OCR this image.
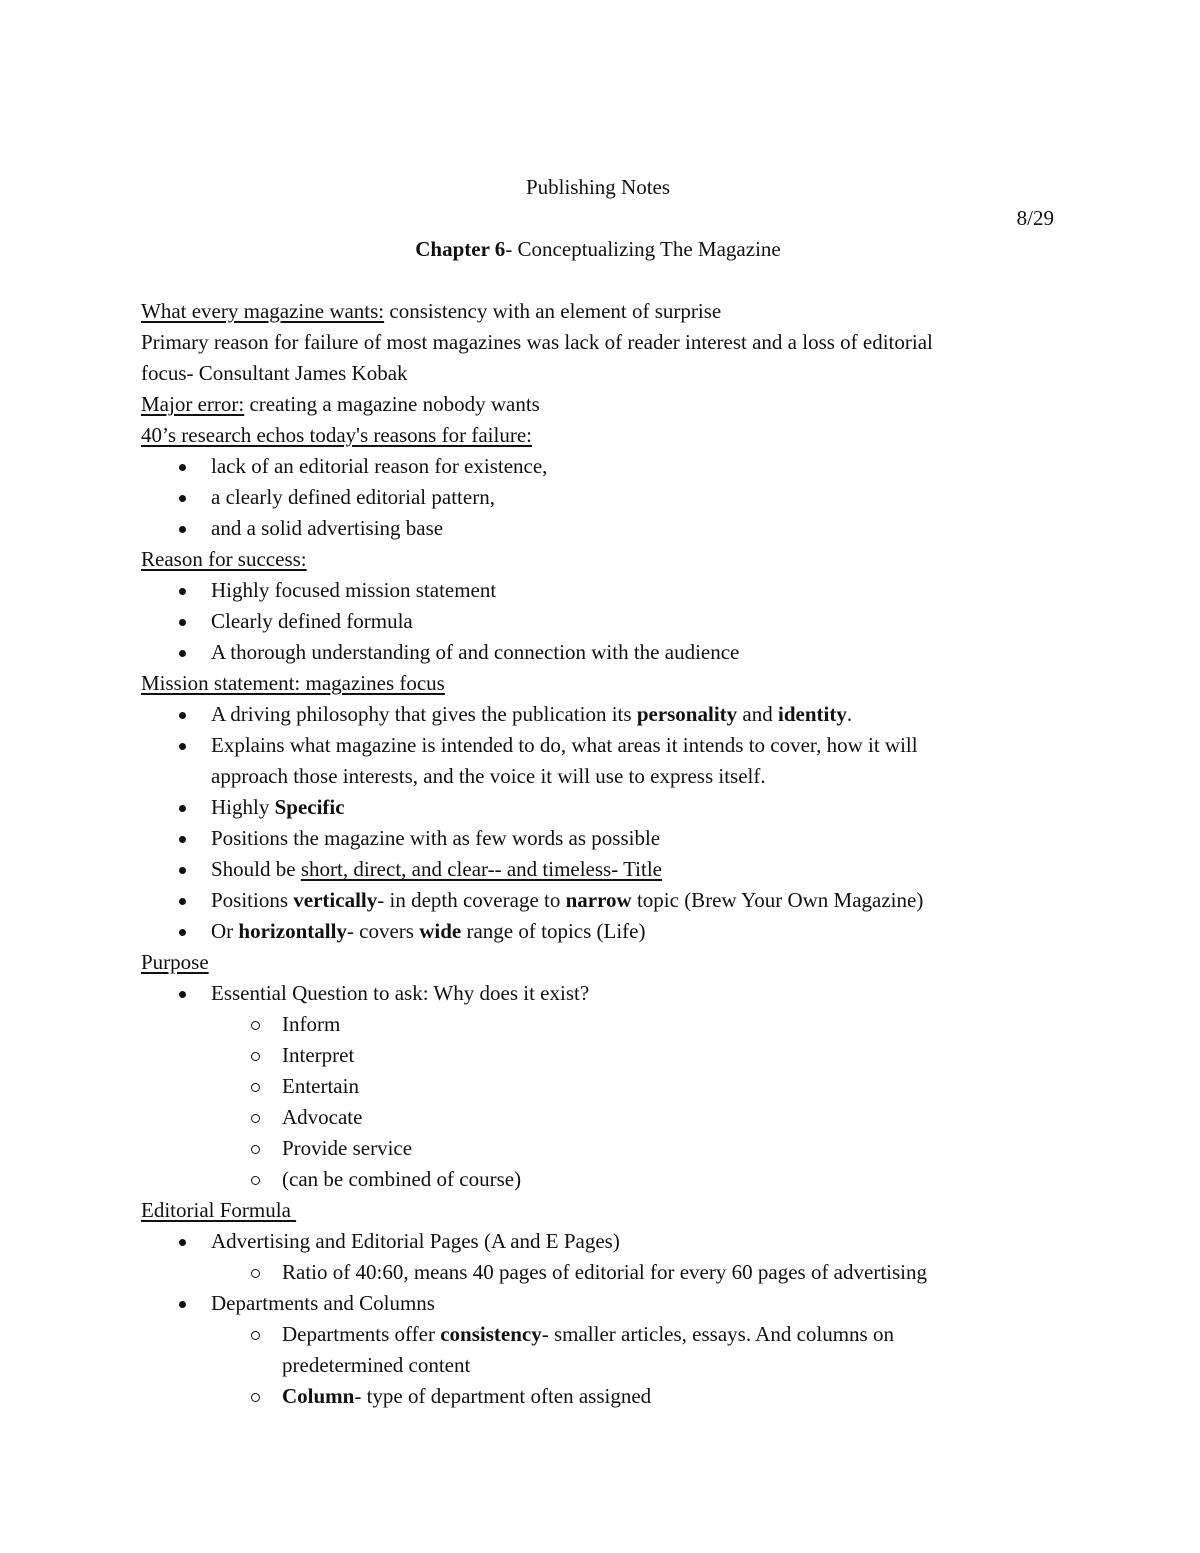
Publishing Notes
8/29
Chapter 6- Conceptualizing The Magazine
What every magazine wants: consistency with an element of surprise
Primary reason for failure of most magazines was lack of reader interest and a loss of editorial
focus- Consultant James Kobak
Major error: creating a magazine nobody wants
40’s research echos today's reasons for failure:
lack of an editorial reason for existence,
a clearly defined editorial pattern,
and a solid advertising base
Reason for success:
Highly focused mission statement
Clearly defined formula
A thorough understanding of and connection with the audience
Mission statement: magazines focus
A driving philosophy that gives the publication its personality and identity.
Explains what magazine is intended to do, what areas it intends to cover, how it will
approach those interests, and the voice it will use to express itself.
Highly Specific
Positions the magazine with as few words as possible
Should be short, direct, and clear-- and timeless- Title
Positions vertically- in depth coverage to narrow topic (Brew Your Own Magazine)
Or horizontally- covers wide range of topics (Life)
Purpose
Essential Question to ask: Why does it exist?
Inform
Interpret
Entertain
Advocate
Provide service
(can be combined of course)
Editorial Formula
Advertising and Editorial Pages (A and E Pages)
Ratio of 40:60, means 40 pages of editorial for every 60 pages of advertising
Departments and Columns
Departments offer consistency- smaller articles, essays. And columns on
predetermined content
Column- type of department often assigned
